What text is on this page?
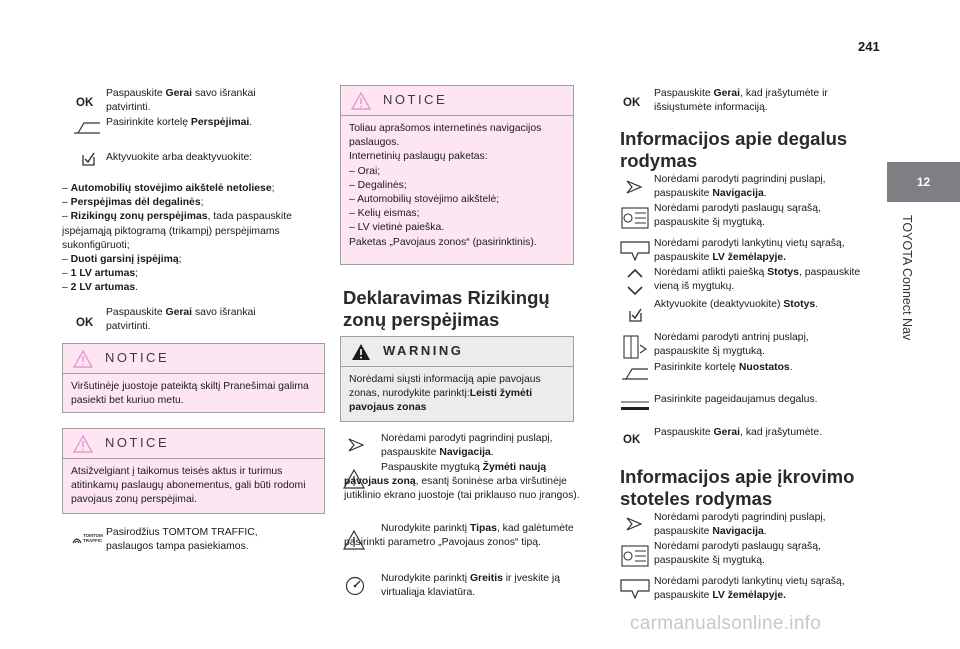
241
12
TOYOTA Connect Nav
OK
Paspauskite Gerai savo išrankai patvirtinti.
Pasirinkite kortelę Perspėjimai.
Aktyvuokite arba deaktyvuokite:
– Automobilių stovėjimo aikštelė netoliese;
– Perspėjimas dėl degalinės;
– Rizikingų zonų perspėjimas, tada paspauskite įspėjamąją piktogramą (trikampį) perspėjimams sukonfigūruoti;
– Duoti garsinį įspėjimą;
– 1 LV artumas;
– 2 LV artumas.
OK
Paspauskite Gerai savo išrankai patvirtinti.
NOTICE
Viršutinėje juostoje pateiktą skiltį Pranešimai galima pasiekti bet kuriuo metu.
NOTICE
Atsižvelgiant į taikomus teisės aktus ir turimus atitinkamų paslaugų abonementus, gali būti rodomi pavojaus zonų perspėjimai.
TOMTOM TRAFFIC
Pasirodžius TOMTOM TRAFFIC, paslaugos tampa pasiekiamos.
NOTICE
Toliau aprašomos internetinės navigacijos paslaugos.
Internetinių paslaugų paketas:
– Orai;
– Degalinės;
– Automobilių stovėjimo aikštelė;
– Kelių eismas;
– LV vietinė paieška.
Paketas „Pavojaus zonos“ (pasirinktinis).
Deklaravimas Rizikingų zonų perspėjimas
WARNING
Norėdami siųsti informaciją apie pavojaus zonas, nurodykite parinktį:Leisti žymėti pavojaus zonas
Norėdami parodyti pagrindinį puslapį, paspauskite Navigacija.
Paspauskite mygtuką Žymėti naują pavojaus zoną, esantį šoninėse arba viršutinėje jutiklinio ekrano juostoje (tai priklauso nuo įrangos).
Nurodykite parinktį Tipas, kad galėtumėte pasirinkti parametro „Pavojaus zonos“ tipą.
Nurodykite parinktį Greitis ir įveskite ją virtualiąja klaviatūra.
OK
Paspauskite Gerai, kad įrašytumėte ir išsiųstumėte informaciją.
Informacijos apie degalus rodymas
Norėdami parodyti pagrindinį puslapį, paspauskite Navigacija.
Norėdami parodyti paslaugų sąrašą, paspauskite šį mygtuką.
Norėdami parodyti lankytinų vietų sąrašą, paspauskite LV žemėlapyje.
Norėdami atlikti paiešką Stotys, paspauskite vieną iš mygtukų.
Aktyvuokite (deaktyvuokite) Stotys.
Norėdami parodyti antrinį puslapį, paspauskite šį mygtuką.
Pasirinkite kortelę Nuostatos.
Pasirinkite pageidaujamus degalus.
OK
Paspauskite Gerai, kad įrašytumėte.
Informacijos apie įkrovimo stoteles rodymas
Norėdami parodyti pagrindinį puslapį, paspauskite Navigacija.
Norėdami parodyti paslaugų sąrašą, paspauskite šį mygtuką.
Norėdami parodyti lankytinų vietų sąrašą, paspauskite LV žemėlapyje.
carmanualsonline.info
